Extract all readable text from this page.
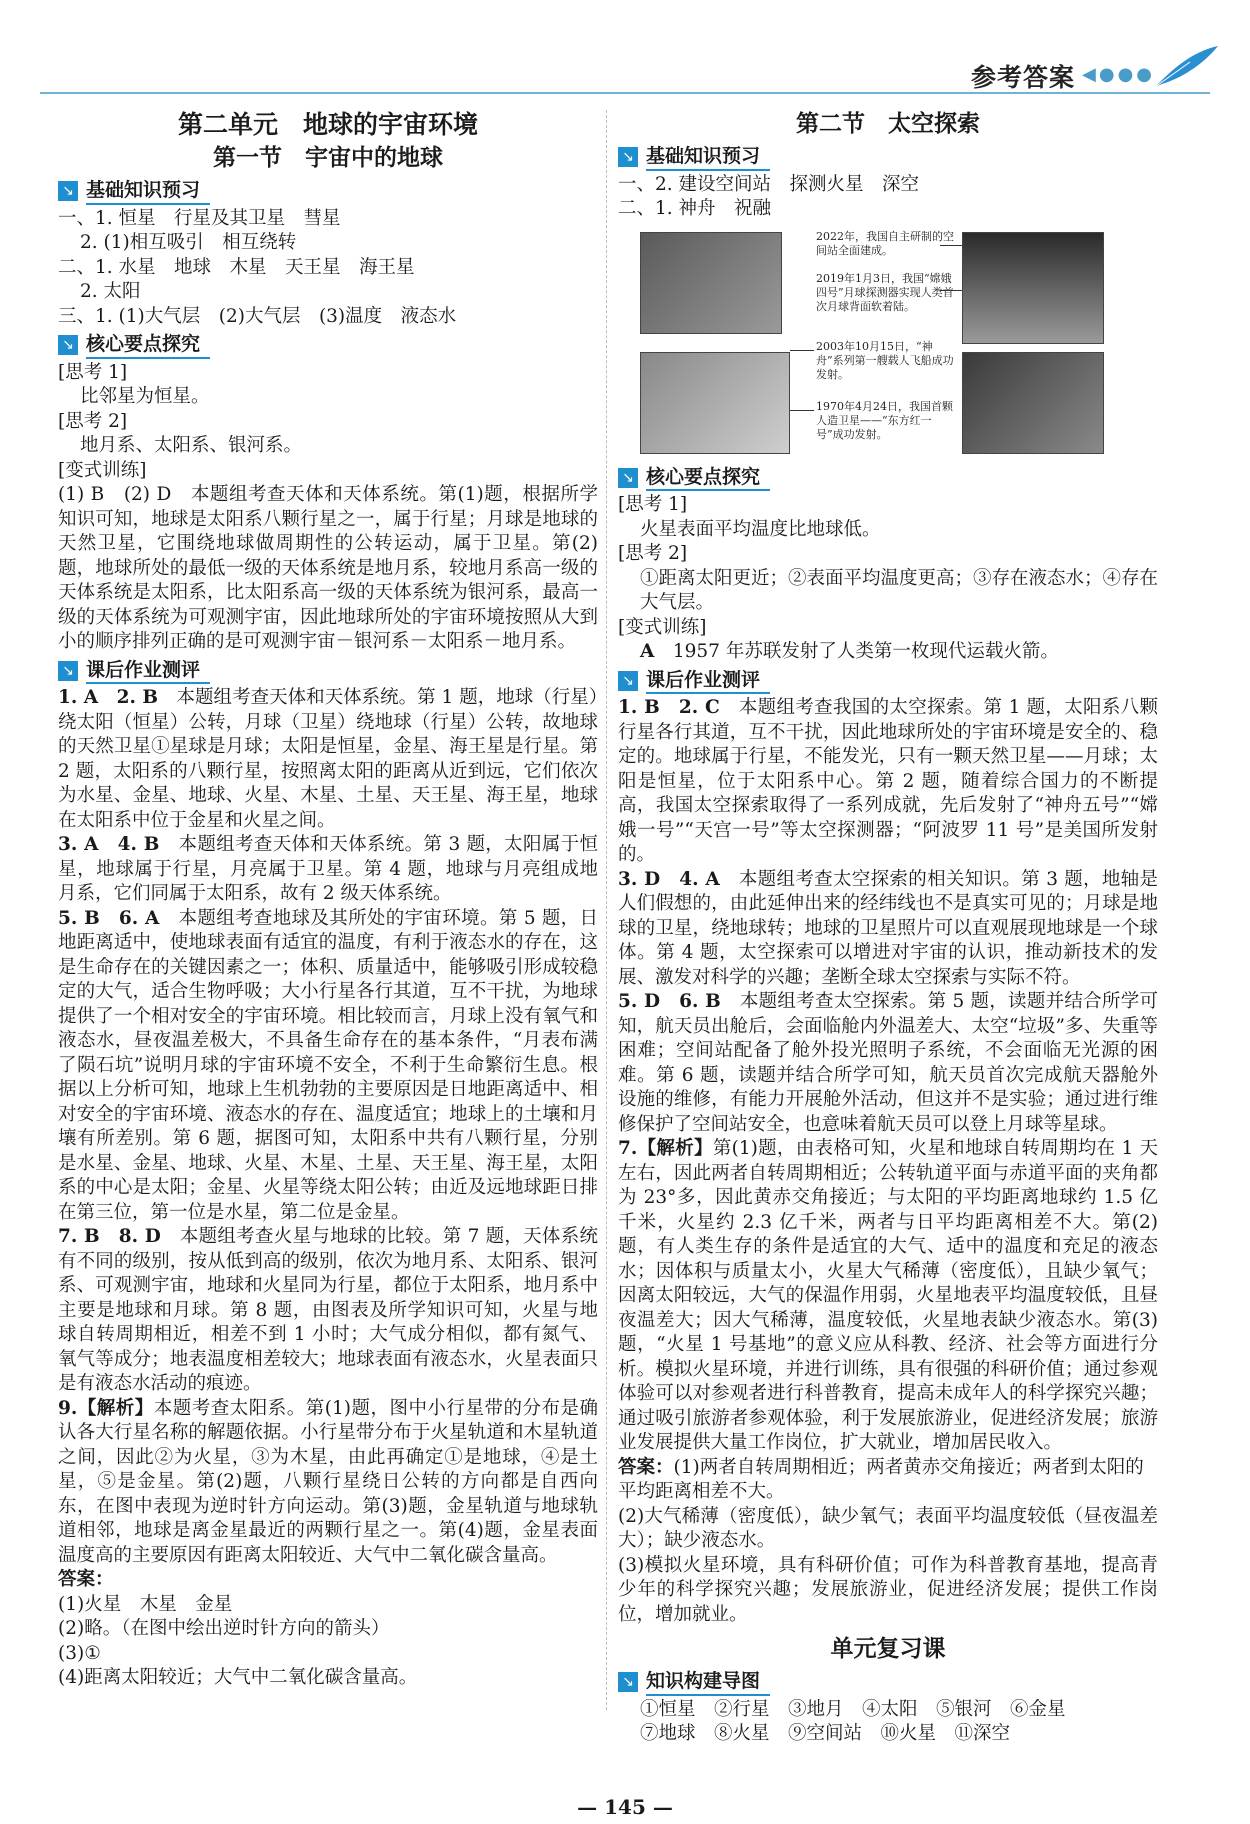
参考答案 ◀●●●
第二单元　地球的宇宙环境
第一节　宇宙中的地球
↘ 基础知识预习
一、1. 恒星　行星及其卫星　彗星
2. (1)相互吸引　相互绕转
二、1. 水星　地球　木星　天王星　海王星
2. 太阳
三、1. (1)大气层　(2)大气层　(3)温度　液态水
↘ 核心要点探究
[思考 1]
比邻星为恒星。
[思考 2]
地月系、太阳系、银河系。
[变式训练]
(1) B　(2) D　本题组考查天体和天体系统。第(1)题，根据所学知识可知，地球是太阳系八颗行星之一，属于行星；月球是地球的天然卫星，它围绕地球做周期性的公转运动，属于卫星。第(2)题，地球所处的最低一级的天体系统是地月系，较地月系高一级的天体系统是太阳系，比太阳系高一级的天体系统为银河系，最高一级的天体系统为可观测宇宙，因此地球所处的宇宙环境按照从大到小的顺序排列正确的是可观测宇宙－银河系－太阳系－地月系。
↘ 课后作业测评
1. A　2. B　本题组考查天体和天体系统。第 1 题，地球（行星）绕太阳（恒星）公转，月球（卫星）绕地球（行星）公转，故地球的天然卫星①星球是月球；太阳是恒星，金星、海王星是行星。第 2 题，太阳系的八颗行星，按照离太阳的距离从近到远，它们依次为水星、金星、地球、火星、木星、土星、天王星、海王星，地球在太阳系中位于金星和火星之间。
3. A　4. B　本题组考查天体和天体系统。第 3 题，太阳属于恒星，地球属于行星，月亮属于卫星。第 4 题，地球与月亮组成地月系，它们同属于太阳系，故有 2 级天体系统。
5. B　6. A　本题组考查地球及其所处的宇宙环境。第 5 题，日地距离适中，使地球表面有适宜的温度，有利于液态水的存在，这是生命存在的关键因素之一；体积、质量适中，能够吸引形成较稳定的大气，适合生物呼吸；大小行星各行其道，互不干扰，为地球提供了一个相对安全的宇宙环境。相比较而言，月球上没有氧气和液态水，昼夜温差极大，不具备生命存在的基本条件，“月表布满了陨石坑”说明月球的宇宙环境不安全，不利于生命繁衍生息。根据以上分析可知，地球上生机勃勃的主要原因是日地距离适中、相对安全的宇宙环境、液态水的存在、温度适宜；地球上的土壤和月壤有所差别。第 6 题，据图可知，太阳系中共有八颗行星，分别是水星、金星、地球、火星、木星、土星、天王星、海王星，太阳系的中心是太阳；金星、火星等绕太阳公转；由近及远地球距日排在第三位，第一位是水星，第二位是金星。
7. B　8. D　本题组考查火星与地球的比较。第 7 题，天体系统有不同的级别，按从低到高的级别，依次为地月系、太阳系、银河系、可观测宇宙，地球和火星同为行星，都位于太阳系，地月系中主要是地球和月球。第 8 题，由图表及所学知识可知，火星与地球自转周期相近，相差不到 1 小时；大气成分相似，都有氮气、氧气等成分；地表温度相差较大；地球表面有液态水，火星表面只是有液态水活动的痕迹。
9.【解析】本题考查太阳系。第(1)题，图中小行星带的分布是确认各大行星名称的解题依据。小行星带分布于火星轨道和木星轨道之间，因此②为火星，③为木星，由此再确定①是地球，④是土星，⑤是金星。第(2)题，八颗行星绕日公转的方向都是自西向东，在图中表现为逆时针方向运动。第(3)题，金星轨道与地球轨道相邻，地球是离金星最近的两颗行星之一。第(4)题，金星表面温度高的主要原因有距离太阳较近、大气中二氧化碳含量高。
答案：
(1)火星　木星　金星
(2)略。（在图中绘出逆时针方向的箭头）
(3)①
(4)距离太阳较近；大气中二氧化碳含量高。
第二节　太空探索
↘ 基础知识预习
一、2. 建设空间站　探测火星　深空
二、1. 神舟　祝融
2022年，我国自主研制的空间站全面建成。
2019年1月3日，我国“嫦娥四号”月球探测器实现人类首次月球背面软着陆。
2003年10月15日，“神舟”系列第一艘载人飞船成功发射。
1970年4月24日，我国首颗人造卫星——“东方红一号”成功发射。
↘ 核心要点探究
[思考 1]
火星表面平均温度比地球低。
[思考 2]
①距离太阳更近；②表面平均温度更高；③存在液态水；④存在大气层。
[变式训练]
A　1957 年苏联发射了人类第一枚现代运载火箭。
↘ 课后作业测评
1. B　2. C　本题组考查我国的太空探索。第 1 题，太阳系八颗行星各行其道，互不干扰，因此地球所处的宇宙环境是安全的、稳定的。地球属于行星，不能发光，只有一颗天然卫星——月球；太阳是恒星，位于太阳系中心。第 2 题，随着综合国力的不断提高，我国太空探索取得了一系列成就，先后发射了“神舟五号”“嫦娥一号”“天宫一号”等太空探测器；“阿波罗 11 号”是美国所发射的。
3. D　4. A　本题组考查太空探索的相关知识。第 3 题，地轴是人们假想的，由此延伸出来的经纬线也不是真实可见的；月球是地球的卫星，绕地球转；地球的卫星照片可以直观展现地球是一个球体。第 4 题，太空探索可以增进对宇宙的认识，推动新技术的发展、激发对科学的兴趣；垄断全球太空探索与实际不符。
5. D　6. B　本题组考查太空探索。第 5 题，读题并结合所学可知，航天员出舱后，会面临舱内外温差大、太空“垃圾”多、失重等困难；空间站配备了舱外投光照明子系统，不会面临无光源的困难。第 6 题，读题并结合所学可知，航天员首次完成航天器舱外设施的维修，有能力开展舱外活动，但这并不是实验；通过进行维修保护了空间站安全，也意味着航天员可以登上月球等星球。
7.【解析】第(1)题，由表格可知，火星和地球自转周期均在 1 天左右，因此两者自转周期相近；公转轨道平面与赤道平面的夹角都为 23°多，因此黄赤交角接近；与太阳的平均距离地球约 1.5 亿千米，火星约 2.3 亿千米，两者与日平均距离相差不大。第(2)题，有人类生存的条件是适宜的大气、适中的温度和充足的液态水；因体积与质量太小，火星大气稀薄（密度低），且缺少氧气；因离太阳较远，大气的保温作用弱，火星地表平均温度较低，且昼夜温差大；因大气稀薄，温度较低，火星地表缺少液态水。第(3)题，“火星 1 号基地”的意义应从科教、经济、社会等方面进行分析。模拟火星环境，并进行训练，具有很强的科研价值；通过参观体验可以对参观者进行科普教育，提高未成年人的科学探究兴趣；通过吸引旅游者参观体验，利于发展旅游业，促进经济发展；旅游业发展提供大量工作岗位，扩大就业，增加居民收入。
答案：(1)两者自转周期相近；两者黄赤交角接近；两者到太阳的平均距离相差不大。
(2)大气稀薄（密度低），缺少氧气；表面平均温度较低（昼夜温差大）；缺少液态水。
(3)模拟火星环境，具有科研价值；可作为科普教育基地，提高青少年的科学探究兴趣；发展旅游业，促进经济发展；提供工作岗位，增加就业。
单元复习课
↘ 知识构建导图
①恒星　②行星　③地月　④太阳　⑤银河　⑥金星
⑦地球　⑧火星　⑨空间站　⑩火星　⑪深空
— 145 —
